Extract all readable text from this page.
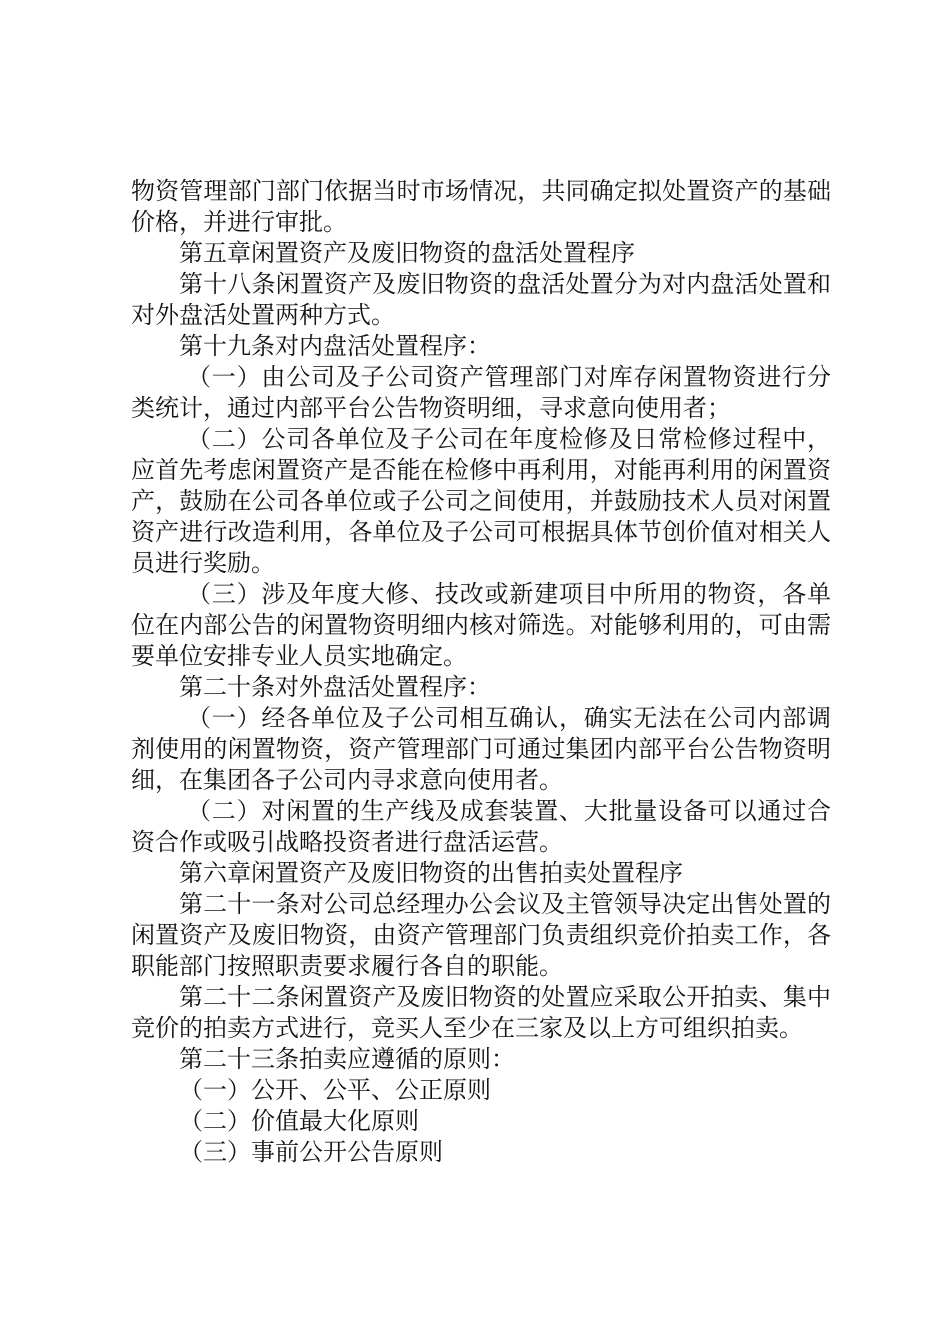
物资管理部门部门依据当时市场情况，共同确定拟处置资产的基础价格，并进行审批。

第五章闲置资产及废旧物资的盘活处置程序

第十八条闲置资产及废旧物资的盘活处置分为对内盘活处置和对外盘活处置两种方式。

第十九条对内盘活处置程序：

（一）由公司及子公司资产管理部门对库存闲置物资进行分类统计，通过内部平台公告物资明细，寻求意向使用者；

（二）公司各单位及子公司在年度检修及日常检修过程中，应首先考虑闲置资产是否能在检修中再利用，对能再利用的闲置资产，鼓励在公司各单位或子公司之间使用，并鼓励技术人员对闲置资产进行改造利用，各单位及子公司可根据具体节创价值对相关人员进行奖励。

（三）涉及年度大修、技改或新建项目中所用的物资，各单位在内部公告的闲置物资明细内核对筛选。对能够利用的，可由需要单位安排专业人员实地确定。

第二十条对外盘活处置程序：

（一）经各单位及子公司相互确认，确实无法在公司内部调剂使用的闲置物资，资产管理部门可通过集团内部平台公告物资明细，在集团各子公司内寻求意向使用者。

（二）对闲置的生产线及成套装置、大批量设备可以通过合资合作或吸引战略投资者进行盘活运营。

第六章闲置资产及废旧物资的出售拍卖处置程序

第二十一条对公司总经理办公会议及主管领导决定出售处置的闲置资产及废旧物资，由资产管理部门负责组织竞价拍卖工作，各职能部门按照职责要求履行各自的职能。

第二十二条闲置资产及废旧物资的处置应采取公开拍卖、集中竞价的拍卖方式进行，竞买人至少在三家及以上方可组织拍卖。

第二十三条拍卖应遵循的原则：

（一）公开、公平、公正原则

（二）价值最大化原则

（三）事前公开公告原则
